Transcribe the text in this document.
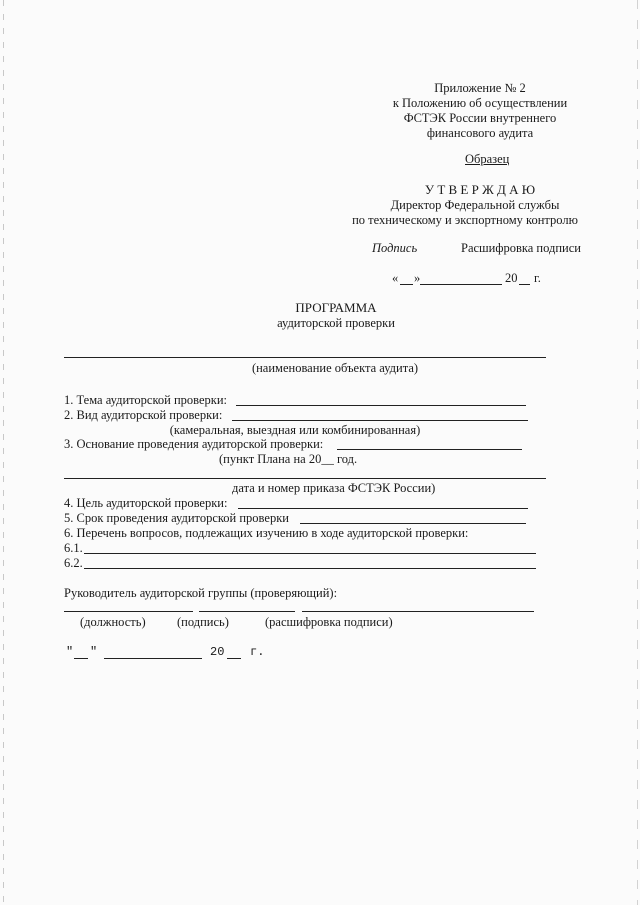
Приложение № 2
к Положению об осуществлении
ФСТЭК России внутреннего
финансового аудита
Образец
У Т В Е Р Ж Д А Ю
Директор Федеральной службы
по техническому и экспортному контролю
Подпись	Расшифровка подписи
« »	20 г.
ПРОГРАММА
аудиторской проверки
(наименование объекта аудита)
1. Тема аудиторской проверки:
2. Вид аудиторской проверки:
(камеральная, выездная или комбинированная)
3. Основание проведения аудиторской проверки:
(пункт Плана на 20__ год.
дата и номер приказа ФСТЭК России)
4. Цель аудиторской проверки:
5. Срок проведения аудиторской проверки
6. Перечень вопросов, подлежащих изучению в ходе аудиторской проверки:
6.1.
6.2.
Руководитель аудиторской группы (проверяющий):
(должность)	(подпись)	(расшифровка подписи)
" "	20 г.
